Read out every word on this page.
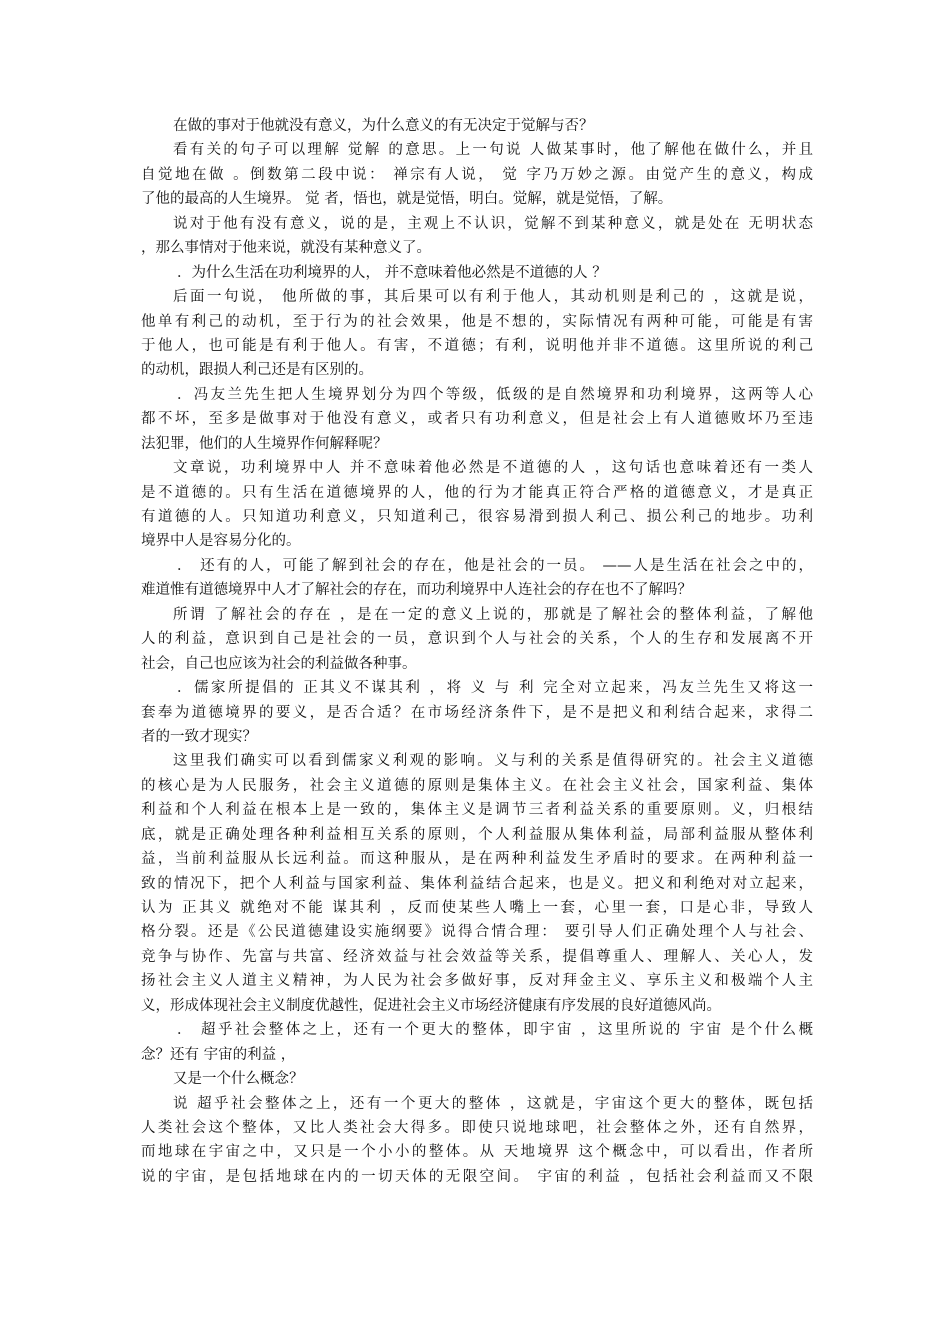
在做的事对于他就没有意义，为什么意义的有无决定于觉解与否？
看有关的句子可以理解 觉解 的意思。上一句说 人做某事时，他了解他在做什么，并且
自觉地在做 。倒数第二段中说： 禅宗有人说， 觉 字乃万妙之源。由觉产生的意义，构成
了他的最高的人生境界。 觉 者，悟也，就是觉悟，明白。觉解，就是觉悟，了解。
说对于他有没有意义，说的是，主观上不认识，觉解不到某种意义，就是处在 无明状态
，那么事情对于他来说，就没有某种意义了。
．为什么生活在功利境界的人， 并不意味着他必然是不道德的人 ？
后面一句说， 他所做的事，其后果可以有利于他人，其动机则是利己的 ，这就是说，
他单有利己的动机，至于行为的社会效果，他是不想的，实际情况有两种可能，可能是有害
于他人，也可能是有利于他人。有害，不道德；有利，说明他并非不道德。这里所说的利己
的动机，跟损人利己还是有区别的。
．冯友兰先生把人生境界划分为四个等级，低级的是自然境界和功利境界，这两等人心
都不坏，至多是做事对于他没有意义，或者只有功利意义，但是社会上有人道德败坏乃至违
法犯罪，他们的人生境界作何解释呢？
文章说，功利境界中人 并不意味着他必然是不道德的人 ，这句话也意味着还有一类人
是不道德的。只有生活在道德境界的人，他的行为才能真正符合严格的道德意义，才是真正
有道德的人。只知道功利意义，只知道利己，很容易滑到损人利己、损公利己的地步。功利
境界中人是容易分化的。
． 还有的人，可能了解到社会的存在，他是社会的一员。 ——人是生活在社会之中的，
难道惟有道德境界中人才了解社会的存在，而功利境界中人连社会的存在也不了解吗？
所谓 了解社会的存在 ，是在一定的意义上说的，那就是了解社会的整体利益，了解他
人的利益，意识到自己是社会的一员，意识到个人与社会的关系，个人的生存和发展离不开
社会，自己也应该为社会的利益做各种事。
．儒家所提倡的 正其义不谋其利 ，将 义 与 利 完全对立起来，冯友兰先生又将这一
套奉为道德境界的要义，是否合适？在市场经济条件下，是不是把义和利结合起来，求得二
者的一致才现实？
这里我们确实可以看到儒家义利观的影响。义与利的关系是值得研究的。社会主义道德
的核心是为人民服务，社会主义道德的原则是集体主义。在社会主义社会，国家利益、集体
利益和个人利益在根本上是一致的，集体主义是调节三者利益关系的重要原则。义，归根结
底，就是正确处理各种利益相互关系的原则，个人利益服从集体利益，局部利益服从整体利
益，当前利益服从长远利益。而这种服从，是在两种利益发生矛盾时的要求。在两种利益一
致的情况下，把个人利益与国家利益、集体利益结合起来，也是义。把义和利绝对对立起来，
认为 正其义 就绝对不能 谋其利 ，反而使某些人嘴上一套，心里一套，口是心非，导致人
格分裂。还是《公民道德建设实施纲要》说得合情合理： 要引导人们正确处理个人与社会、
竞争与协作、先富与共富、经济效益与社会效益等关系，提倡尊重人、理解人、关心人，发
扬社会主义人道主义精神，为人民为社会多做好事，反对拜金主义、享乐主义和极端个人主
义，形成体现社会主义制度优越性，促进社会主义市场经济健康有序发展的良好道德风尚。
． 超乎社会整体之上，还有一个更大的整体，即宇宙 ，这里所说的 宇宙 是个什么概
念？还有 宇宙的利益 ，
又是一个什么概念？
说 超乎社会整体之上，还有一个更大的整体 ，这就是，宇宙这个更大的整体，既包括
人类社会这个整体，又比人类社会大得多。即使只说地球吧，社会整体之外，还有自然界，
而地球在宇宙之中，又只是一个小小的整体。从 天地境界 这个概念中，可以看出，作者所
说的宇宙，是包括地球在内的一切天体的无限空间。 宇宙的利益 ，包括社会利益而又不限
